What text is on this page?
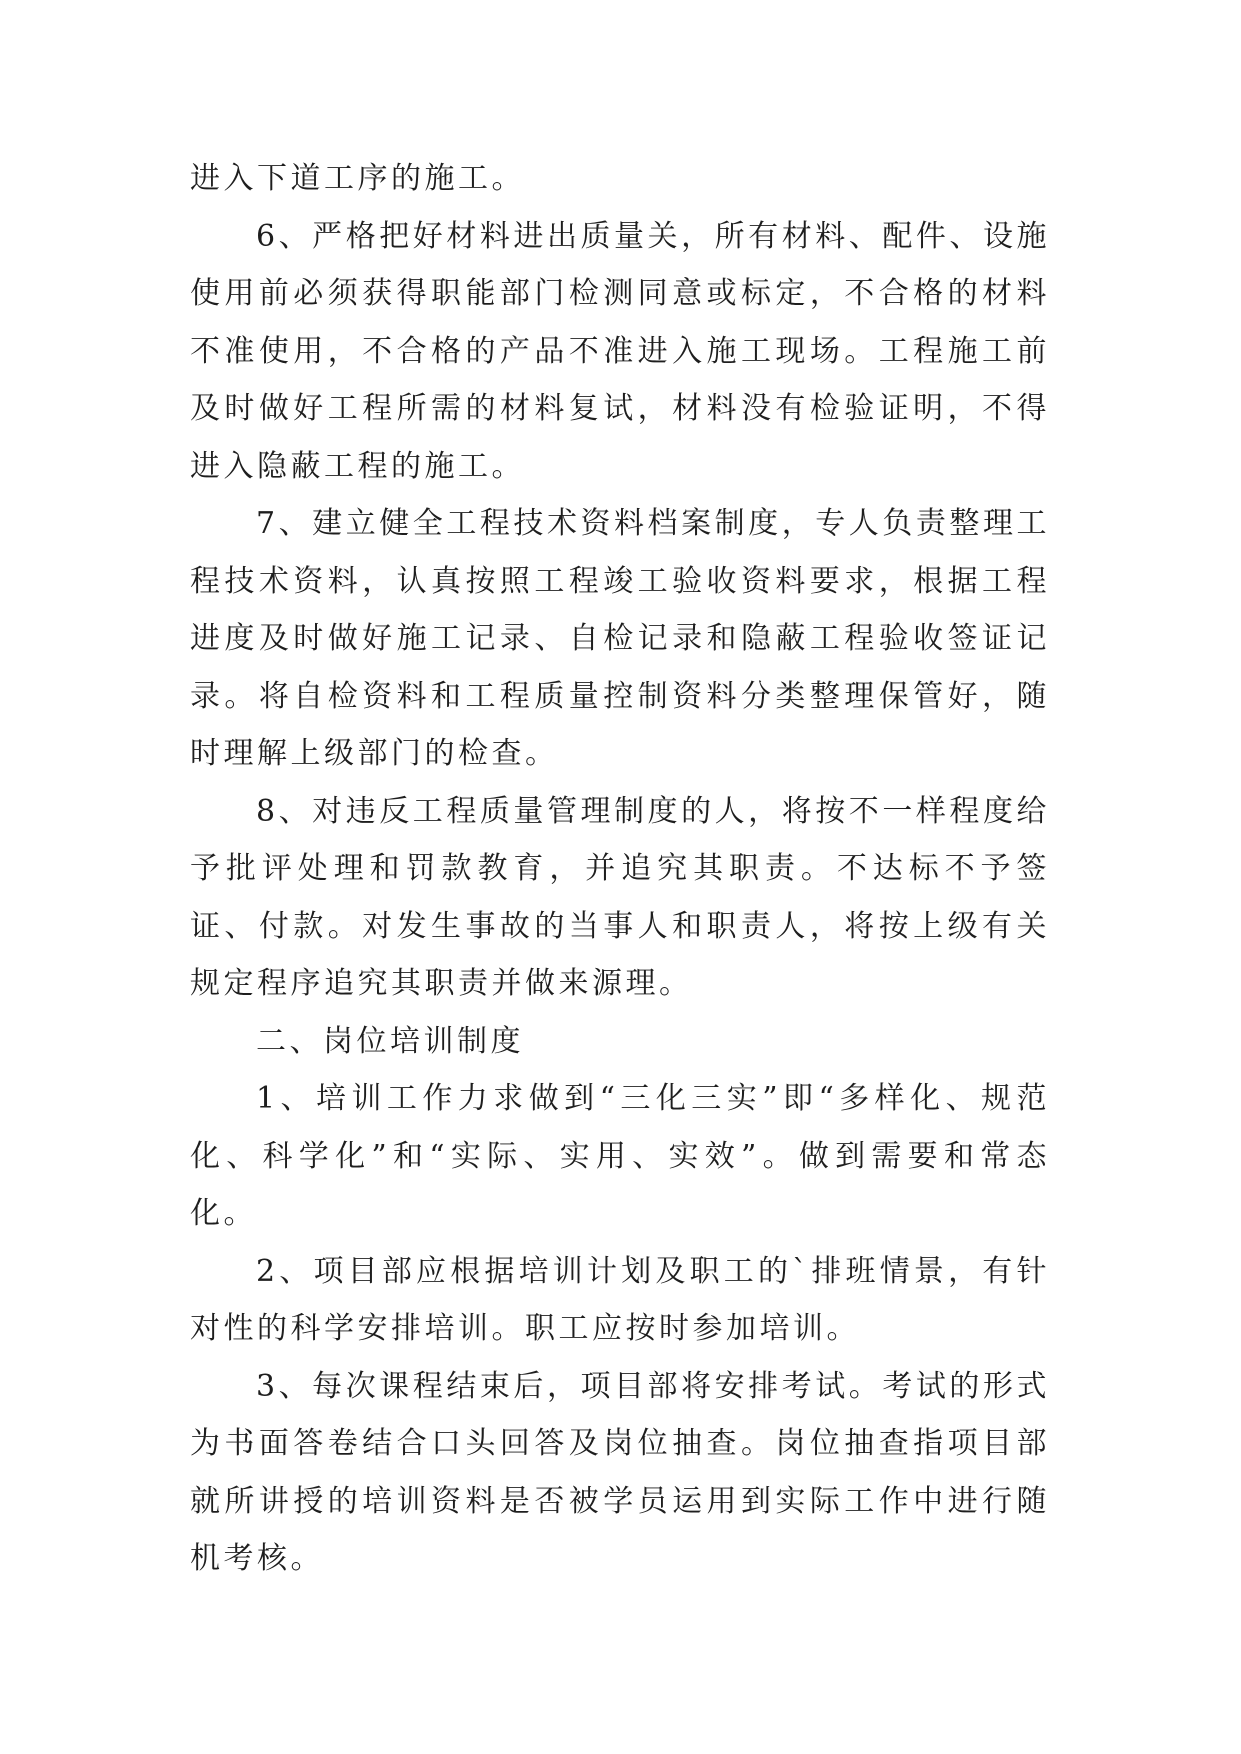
进入下道工序的施工。

6、严格把好材料进出质量关，所有材料、配件、设施使用前必须获得职能部门检测同意或标定，不合格的材料不准使用，不合格的产品不准进入施工现场。工程施工前及时做好工程所需的材料复试，材料没有检验证明，不得进入隐蔽工程的施工。

7、建立健全工程技术资料档案制度，专人负责整理工程技术资料，认真按照工程竣工验收资料要求，根据工程进度及时做好施工记录、自检记录和隐蔽工程验收签证记录。将自检资料和工程质量控制资料分类整理保管好，随时理解上级部门的检查。

8、对违反工程质量管理制度的人，将按不一样程度给予批评处理和罚款教育，并追究其职责。不达标不予签证、付款。对发生事故的当事人和职责人，将按上级有关规定程序追究其职责并做来源理。

二、岗位培训制度

1、培训工作力求做到“三化三实”即“多样化、规范化、科学化”和“实际、实用、实效”。做到需要和常态化。

2、项目部应根据培训计划及职工的`排班情景，有针对性的科学安排培训。职工应按时参加培训。

3、每次课程结束后，项目部将安排考试。考试的形式为书面答卷结合口头回答及岗位抽查。岗位抽查指项目部就所讲授的培训资料是否被学员运用到实际工作中进行随机考核。
